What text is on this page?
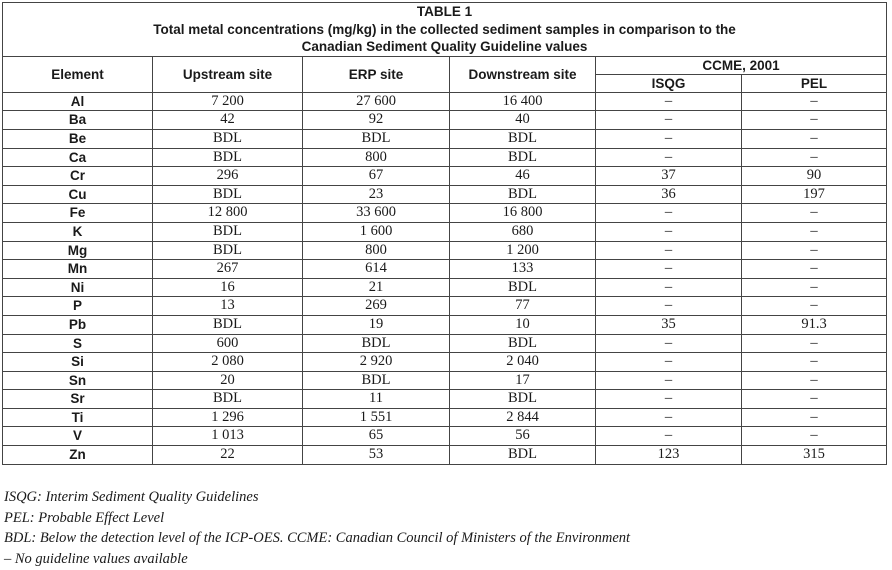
TABLE 1
Total metal concentrations (mg/kg) in the collected sediment samples in comparison to the
Canadian Sediment Quality Guideline values					

Element	Upstream site	ERP site	Downstream site	CCME, 2001	
				ISQG	PEL
Al	7 200	27 600	16 400	–	–
Ba	42	92	40	–	–
Be	BDL	BDL	BDL	–	–
Ca	BDL	800	BDL	–	–
Cr	296	67	46	37	90
Cu	BDL	23	BDL	36	197
Fe	12 800	33 600	16 800	–	–
K	BDL	1 600	680	–	–
Mg	BDL	800	1 200	–	–
Mn	267	614	133	–	–
Ni	16	21	BDL	–	–
P	13	269	77	–	–
Pb	BDL	19	10	35	91.3
S	600	BDL	BDL	–	–
Si	2 080	2 920	2 040	–	–
Sn	20	BDL	17	–	–
Sr	BDL	11	BDL	–	–
Ti	1 296	1 551	2 844	–	–
V	1 013	65	56	–	–
Zn	22	53	BDL	123	315
ISQG: Interim Sediment Quality Guidelines
PEL: Probable Effect Level
BDL: Below the detection level of the ICP-OES. CCME: Canadian Council of Ministers of the Environment
– No guideline values available
